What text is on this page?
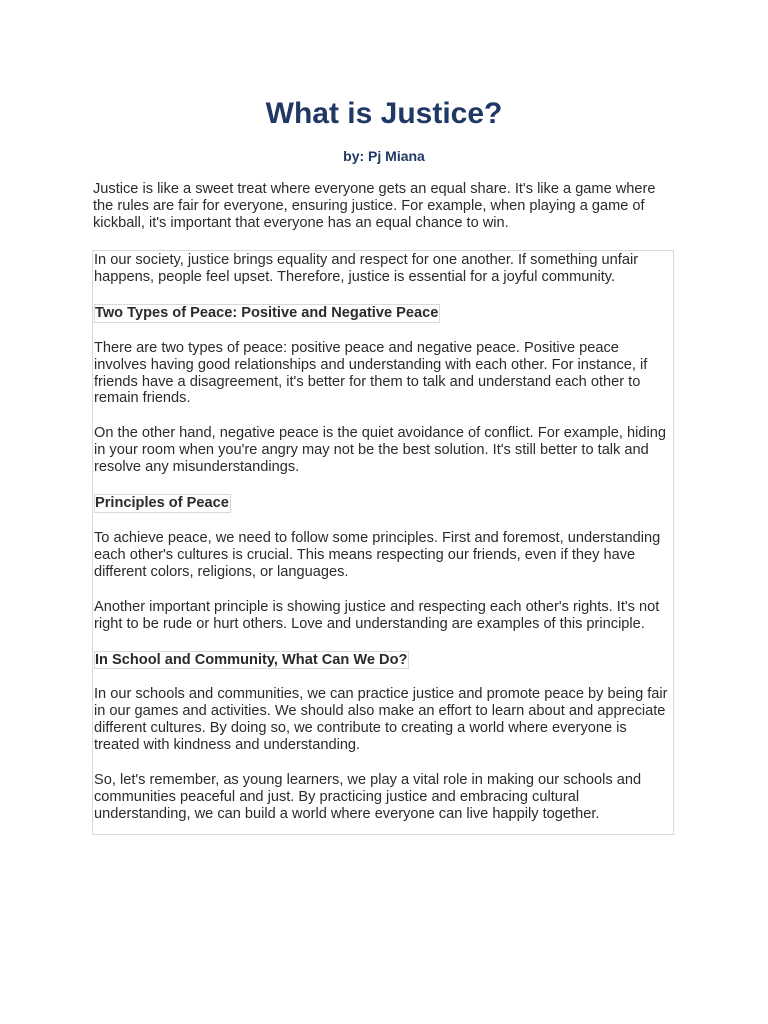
What is Justice?
by: Pj Miana

Justice is like a sweet treat where everyone gets an equal share. It's like a game where the rules are fair for everyone, ensuring justice. For example, when playing a game of kickball, it's important that everyone has an equal chance to win.

In our society, justice brings equality and respect for one another. If something unfair happens, people feel upset. Therefore, justice is essential for a joyful community.

Two Types of Peace: Positive and Negative Peace

There are two types of peace: positive peace and negative peace. Positive peace involves having good relationships and understanding with each other. For instance, if friends have a disagreement, it's better for them to talk and understand each other to remain friends.

On the other hand, negative peace is the quiet avoidance of conflict. For example, hiding in your room when you're angry may not be the best solution. It's still better to talk and resolve any misunderstandings.

Principles of Peace

To achieve peace, we need to follow some principles. First and foremost, understanding each other's cultures is crucial. This means respecting our friends, even if they have different colors, religions, or languages.

Another important principle is showing justice and respecting each other's rights. It's not right to be rude or hurt others. Love and understanding are examples of this principle.

In School and Community, What Can We Do?

In our schools and communities, we can practice justice and promote peace by being fair in our games and activities. We should also make an effort to learn about and appreciate different cultures. By doing so, we contribute to creating a world where everyone is treated with kindness and understanding.

So, let's remember, as young learners, we play a vital role in making our schools and communities peaceful and just. By practicing justice and embracing cultural understanding, we can build a world where everyone can live happily together.
